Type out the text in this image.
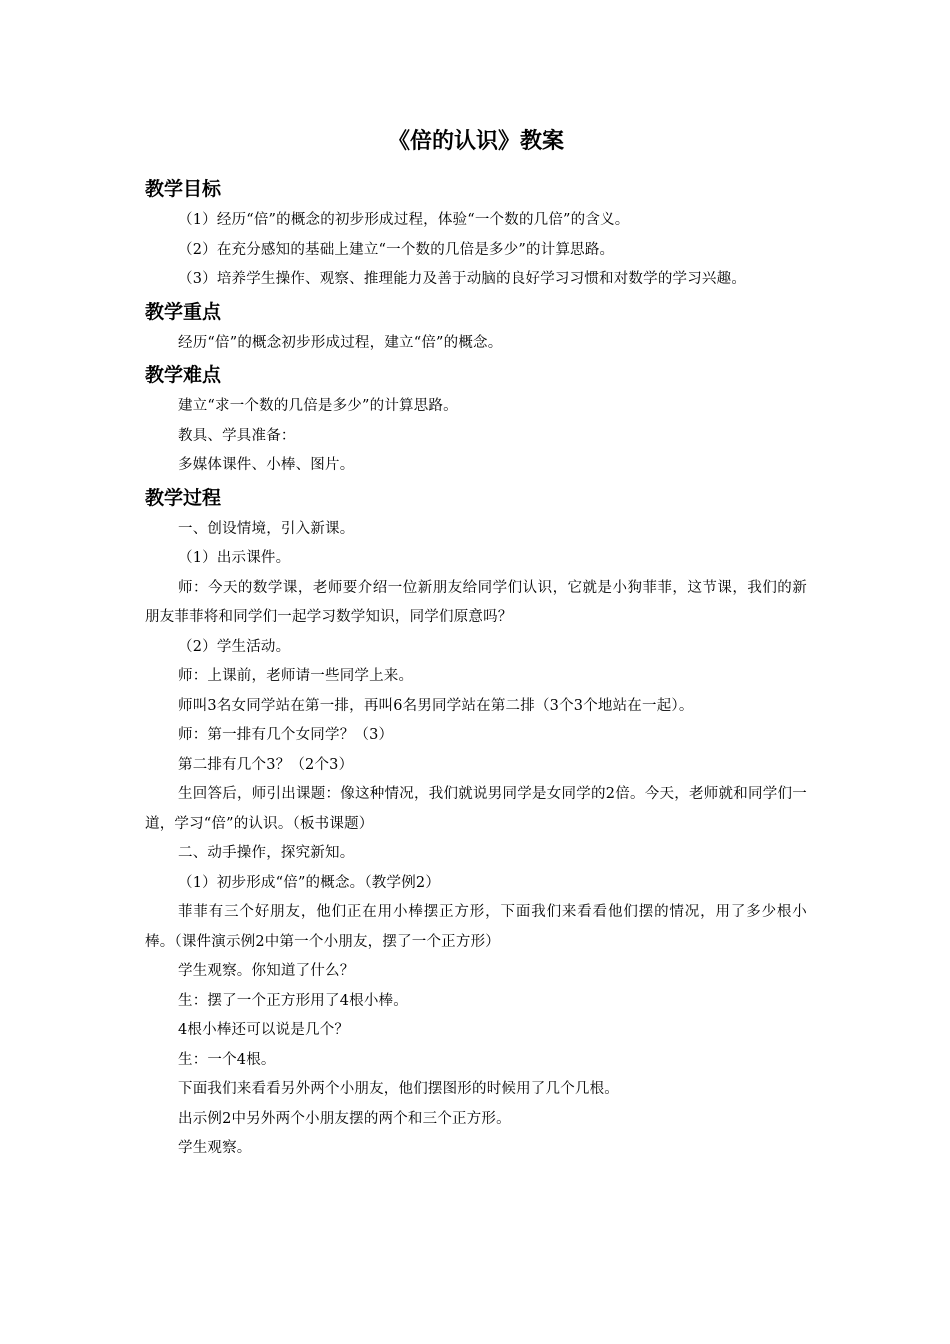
《倍的认识》教案
教学目标

（1）经历“倍”的概念的初步形成过程，体验“一个数的几倍”的含义。

（2）在充分感知的基础上建立“一个数的几倍是多少”的计算思路。

（3）培养学生操作、观察、推理能力及善于动脑的良好学习习惯和对数学的学习兴趣。

教学重点

经历“倍”的概念初步形成过程，建立“倍”的概念。

教学难点

建立“求一个数的几倍是多少”的计算思路。

教具、学具准备：

多媒体课件、小棒、图片。

教学过程

一、创设情境，引入新课。

（1）出示课件。

师：今天的数学课，老师要介绍一位新朋友给同学们认识，它就是小狗菲菲，这节课，我们的新朋友菲菲将和同学们一起学习数学知识，同学们原意吗？

（2）学生活动。

师：上课前，老师请一些同学上来。

师叫3名女同学站在第一排，再叫6名男同学站在第二排（3个3个地站在一起）。

师：第一排有几个女同学？（3）

第二排有几个3？（2个3）

生回答后，师引出课题：像这种情况，我们就说男同学是女同学的2倍。今天，老师就和同学们一道，学习“倍”的认识。（板书课题）

二、动手操作，探究新知。

（1）初步形成“倍”的概念。（教学例2）

菲菲有三个好朋友，他们正在用小棒摆正方形，下面我们来看看他们摆的情况，用了多少根小棒。（课件演示例2中第一个小朋友，摆了一个正方形）

学生观察。你知道了什么？

生：摆了一个正方形用了4根小棒。

4根小棒还可以说是几个？

生：一个4根。

下面我们来看看另外两个小朋友，他们摆图形的时候用了几个几根。

出示例2中另外两个小朋友摆的两个和三个正方形。

学生观察。
